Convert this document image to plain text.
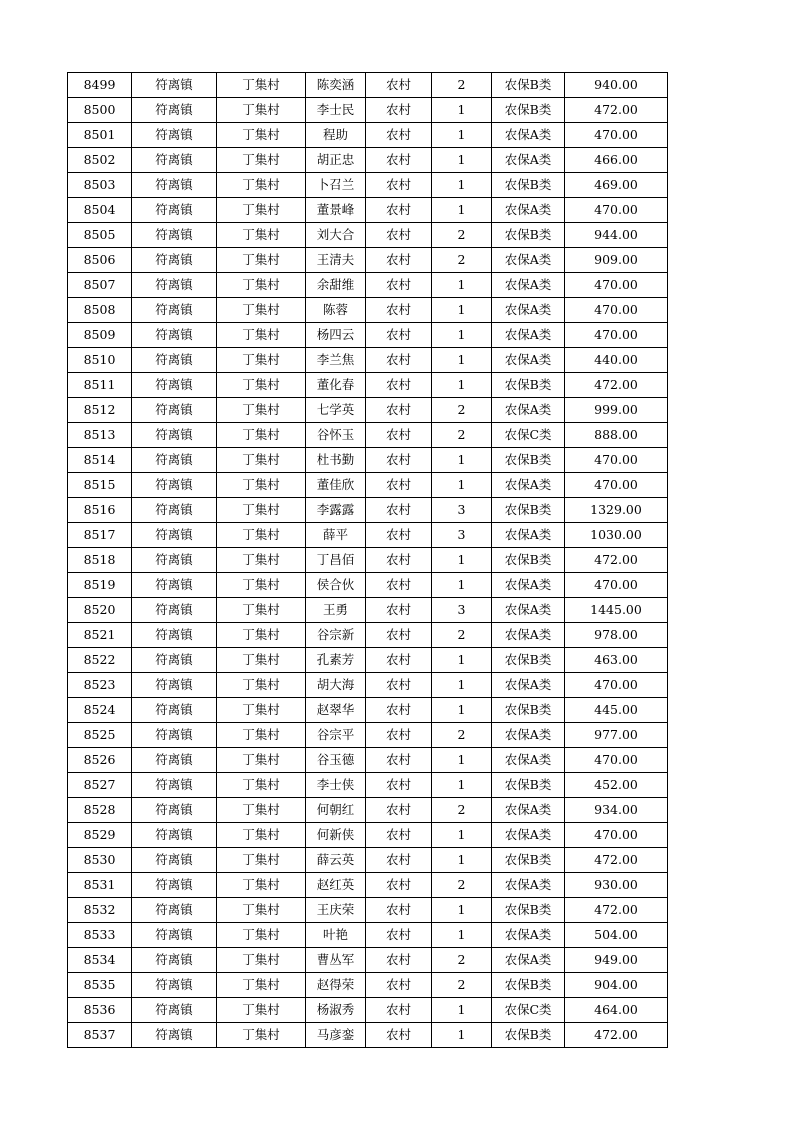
8499	符离镇	丁集村	陈奕涵	农村	2	农保B类	940.00
8500	符离镇	丁集村	李士民	农村	1	农保B类	472.00
8501	符离镇	丁集村	程助	农村	1	农保A类	470.00
8502	符离镇	丁集村	胡正忠	农村	1	农保A类	466.00
8503	符离镇	丁集村	卜召兰	农村	1	农保B类	469.00
8504	符离镇	丁集村	董景峰	农村	1	农保A类	470.00
8505	符离镇	丁集村	刘大合	农村	2	农保B类	944.00
8506	符离镇	丁集村	王清夫	农村	2	农保A类	909.00
8507	符离镇	丁集村	余甜维	农村	1	农保A类	470.00
8508	符离镇	丁集村	陈蓉	农村	1	农保A类	470.00
8509	符离镇	丁集村	杨四云	农村	1	农保A类	470.00
8510	符离镇	丁集村	李兰焦	农村	1	农保A类	440.00
8511	符离镇	丁集村	董化春	农村	1	农保B类	472.00
8512	符离镇	丁集村	七学英	农村	2	农保A类	999.00
8513	符离镇	丁集村	谷怀玉	农村	2	农保C类	888.00
8514	符离镇	丁集村	杜书勤	农村	1	农保B类	470.00
8515	符离镇	丁集村	董佳欣	农村	1	农保A类	470.00
8516	符离镇	丁集村	李露露	农村	3	农保B类	1329.00
8517	符离镇	丁集村	薛平	农村	3	农保A类	1030.00
8518	符离镇	丁集村	丁昌佰	农村	1	农保B类	472.00
8519	符离镇	丁集村	侯合伙	农村	1	农保A类	470.00
8520	符离镇	丁集村	王勇	农村	3	农保A类	1445.00
8521	符离镇	丁集村	谷宗新	农村	2	农保A类	978.00
8522	符离镇	丁集村	孔素芳	农村	1	农保B类	463.00
8523	符离镇	丁集村	胡大海	农村	1	农保A类	470.00
8524	符离镇	丁集村	赵翠华	农村	1	农保B类	445.00
8525	符离镇	丁集村	谷宗平	农村	2	农保A类	977.00
8526	符离镇	丁集村	谷玉德	农村	1	农保A类	470.00
8527	符离镇	丁集村	李士侠	农村	1	农保B类	452.00
8528	符离镇	丁集村	何朝红	农村	2	农保A类	934.00
8529	符离镇	丁集村	何新侠	农村	1	农保A类	470.00
8530	符离镇	丁集村	薛云英	农村	1	农保B类	472.00
8531	符离镇	丁集村	赵红英	农村	2	农保A类	930.00
8532	符离镇	丁集村	王庆荣	农村	1	农保B类	472.00
8533	符离镇	丁集村	叶艳	农村	1	农保A类	504.00
8534	符离镇	丁集村	曹丛军	农村	2	农保A类	949.00
8535	符离镇	丁集村	赵得荣	农村	2	农保B类	904.00
8536	符离镇	丁集村	杨淑秀	农村	1	农保C类	464.00
8537	符离镇	丁集村	马彦銮	农村	1	农保B类	472.00
